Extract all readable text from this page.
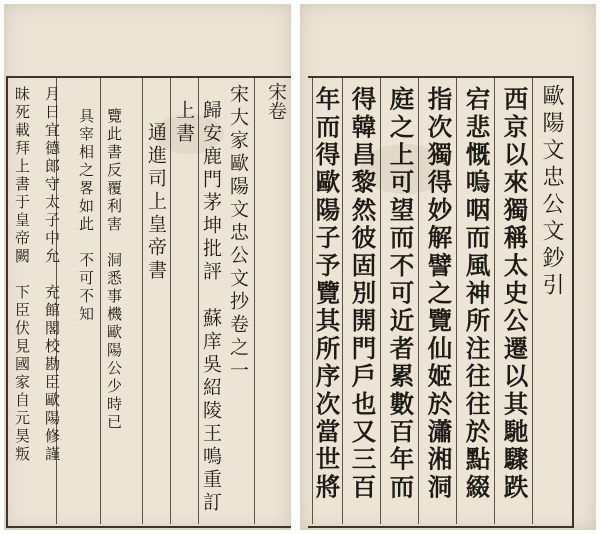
宋卷
宋大家歐陽文忠公文抄卷之一
歸安鹿門茅坤批評
蘇庠吳紹陵王鳴重訂
上書
通進司上皇帝書
覽此書反覆利害　洞悉事機歐陽公少時已
具宰相之畧如此　不可不知
月日宜德郎守太子中允　充館閣校勘臣歐陽修謹
昧死載拜上書于皇帝闕　下臣伏見國家自元昊叛	歐陽文忠公文鈔引
西京以來獨稱太史公遷以其馳驟跌
宕悲慨嗚咽而風神所注往往於點綴
指次獨得妙解譬之覽仙姬於瀟湘洞
庭之上可望而不可近者累數百年而
得韓昌黎然彼固別開門戶也又三百
年而得歐陽子予覽其所序次當世將
